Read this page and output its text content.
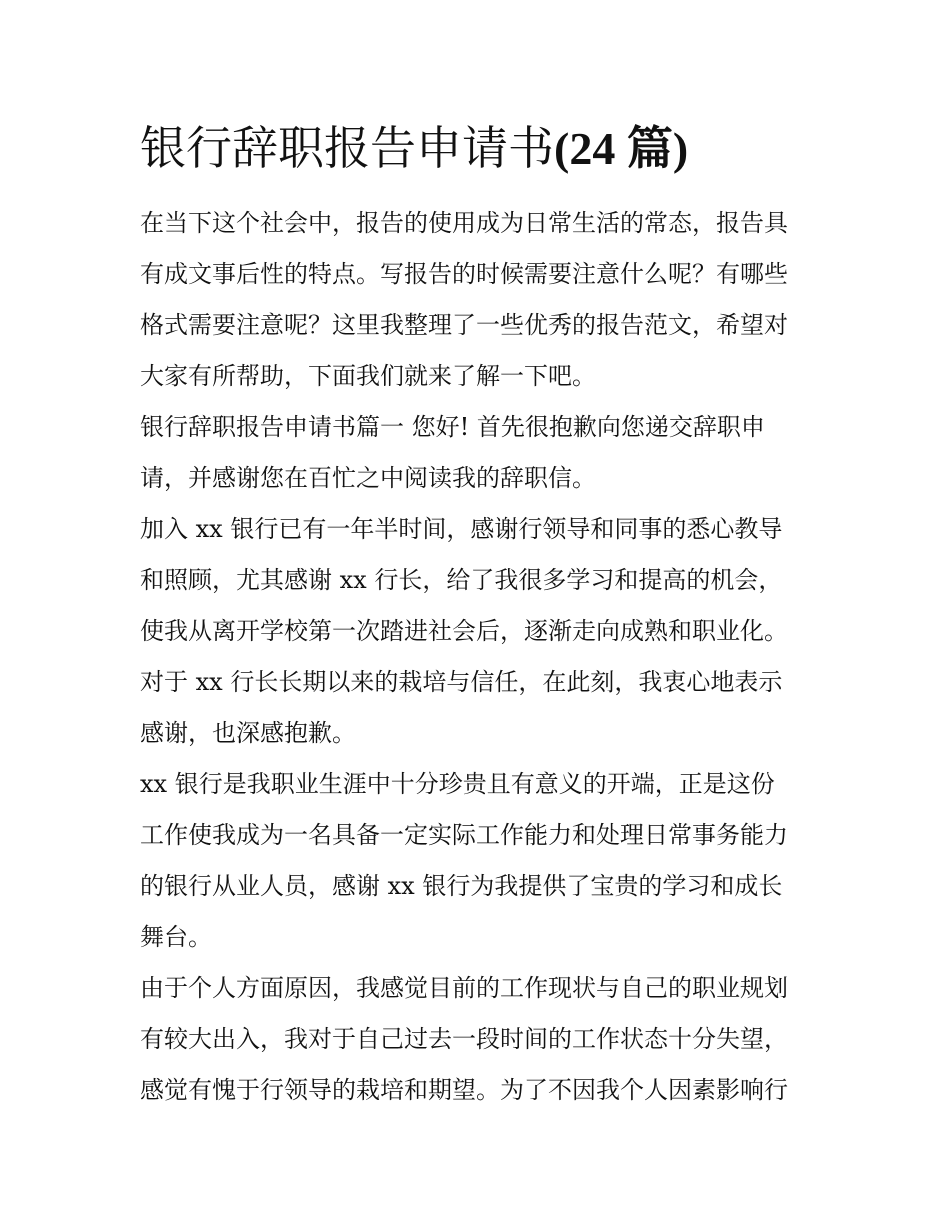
银行辞职报告申请书(24 篇)
在当下这个社会中，报告的使用成为日常生活的常态，报告具
有成文事后性的特点。写报告的时候需要注意什么呢？有哪些
格式需要注意呢？这里我整理了一些优秀的报告范文，希望对
大家有所帮助，下面我们就来了解一下吧。
银行辞职报告申请书篇一 您好! 首先很抱歉向您递交辞职申
请，并感谢您在百忙之中阅读我的辞职信。
加入 xx 银行已有一年半时间，感谢行领导和同事的悉心教导
和照顾，尤其感谢 xx 行长，给了我很多学习和提高的机会，
使我从离开学校第一次踏进社会后，逐渐走向成熟和职业化。
对于 xx 行长长期以来的栽培与信任，在此刻，我衷心地表示
感谢，也深感抱歉。
xx 银行是我职业生涯中十分珍贵且有意义的开端，正是这份
工作使我成为一名具备一定实际工作能力和处理日常事务能力
的银行从业人员，感谢 xx 银行为我提供了宝贵的学习和成长
舞台。
由于个人方面原因，我感觉目前的工作现状与自己的职业规划
有较大出入，我对于自己过去一段时间的工作状态十分失望，
感觉有愧于行领导的栽培和期望。为了不因我个人因素影响行
